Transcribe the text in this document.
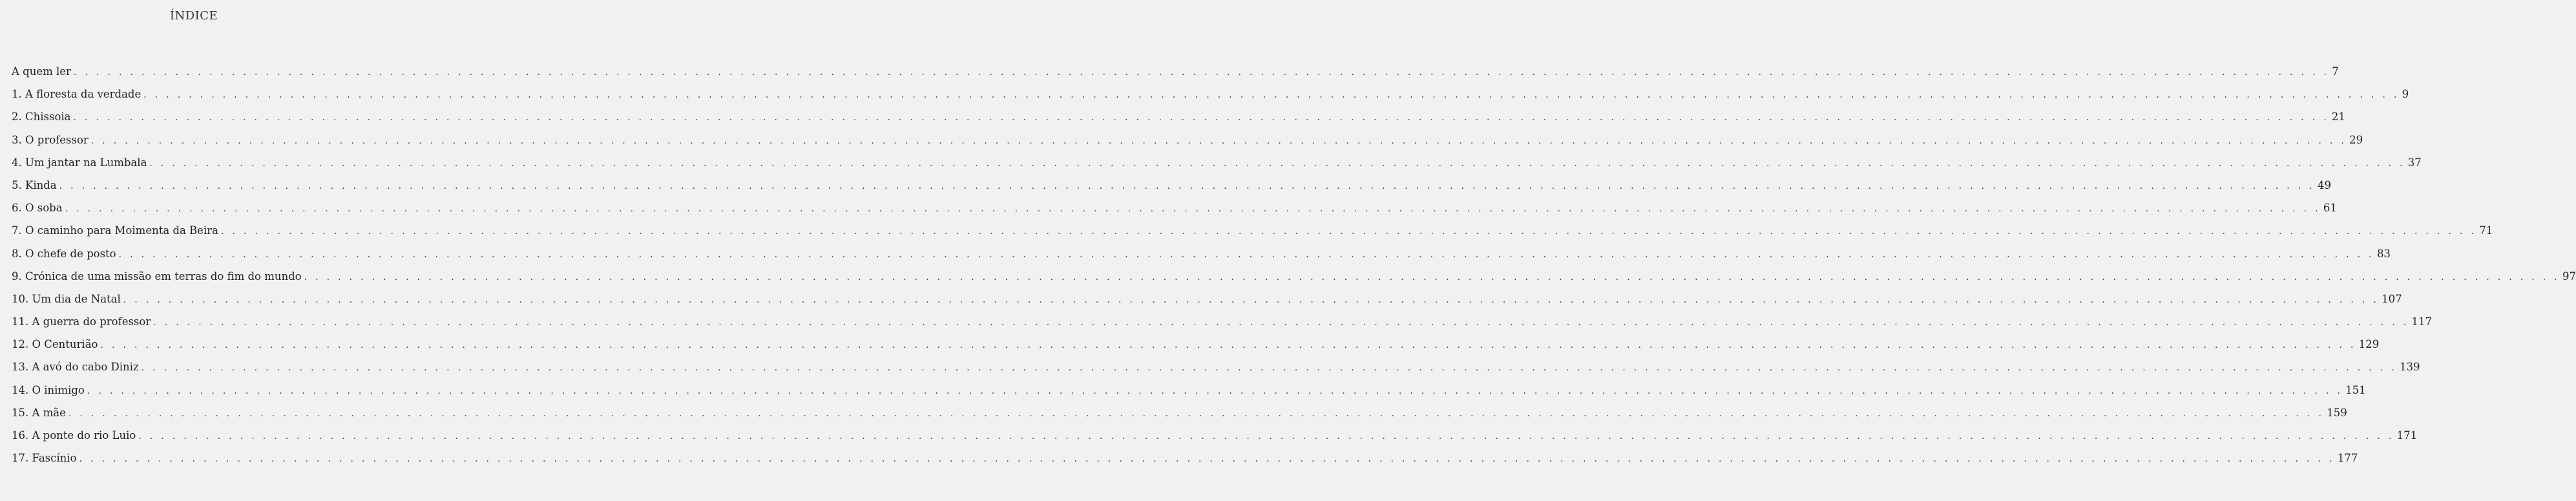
ÍNDICE
A quem ler . . . . . . . . . . . . . . . . . . . . . . . . . . . . . . . . . . . . . . . . . . . . . . . . . . . . . . . . . . . . . . . . . . . . . . . . . . . . . . . . . . . . . . . . . . . . . . . . . . . . . . . . . . . . . . . . . . . . . . . . . . . . . . . . . . . . . . . . . . . . . . . . . . . . . . . . . . . . . . . . . . . . . . . . . . . . . . . . . . . . . . . . . . . . . . . . . . . . . . . . 7
1. A floresta da verdade . . . . . . . . . . . . . . . . . . . . . . . . . . . . . . . . . . . . . . . . . . . . . . . . . . . . . . . . . . . . . . . . . . . . . . . . . . . . . . . . . . . . . . . . . . . . . . . . . . . . . . . . . . . . . . . . . . . . . . . . . . . . . . . . . . . . . . . . . . . . . . . . . . . . . . . . . . . . . . . . . . . . . . . . . . . . . . . . . . . . . . . . . . . . . . . . . . . . . . . . 9
2. Chissoia . . . . . . . . . . . . . . . . . . . . . . . . . . . . . . . . . . . . . . . . . . . . . . . . . . . . . . . . . . . . . . . . . . . . . . . . . . . . . . . . . . . . . . . . . . . . . . . . . . . . . . . . . . . . . . . . . . . . . . . . . . . . . . . . . . . . . . . . . . . . . . . . . . . . . . . . . . . . . . . . . . . . . . . . . . . . . . . . . . . . . . . . . . . . . . . . . . . . . . . . 21
3. O professor . . . . . . . . . . . . . . . . . . . . . . . . . . . . . . . . . . . . . . . . . . . . . . . . . . . . . . . . . . . . . . . . . . . . . . . . . . . . . . . . . . . . . . . . . . . . . . . . . . . . . . . . . . . . . . . . . . . . . . . . . . . . . . . . . . . . . . . . . . . . . . . . . . . . . . . . . . . . . . . . . . . . . . . . . . . . . . . . . . . . . . . . . . . . . . . . . . . . . . . . 29
4. Um jantar na Lumbala . . . . . . . . . . . . . . . . . . . . . . . . . . . . . . . . . . . . . . . . . . . . . . . . . . . . . . . . . . . . . . . . . . . . . . . . . . . . . . . . . . . . . . . . . . . . . . . . . . . . . . . . . . . . . . . . . . . . . . . . . . . . . . . . . . . . . . . . . . . . . . . . . . . . . . . . . . . . . . . . . . . . . . . . . . . . . . . . . . . . . . . . . . . . . . . . . . . . . . . . 37
5. Kinda . . . . . . . . . . . . . . . . . . . . . . . . . . . . . . . . . . . . . . . . . . . . . . . . . . . . . . . . . . . . . . . . . . . . . . . . . . . . . . . . . . . . . . . . . . . . . . . . . . . . . . . . . . . . . . . . . . . . . . . . . . . . . . . . . . . . . . . . . . . . . . . . . . . . . . . . . . . . . . . . . . . . . . . . . . . . . . . . . . . . . . . . . . . . . . . . . . . . . . . . 49
6. O soba . . . . . . . . . . . . . . . . . . . . . . . . . . . . . . . . . . . . . . . . . . . . . . . . . . . . . . . . . . . . . . . . . . . . . . . . . . . . . . . . . . . . . . . . . . . . . . . . . . . . . . . . . . . . . . . . . . . . . . . . . . . . . . . . . . . . . . . . . . . . . . . . . . . . . . . . . . . . . . . . . . . . . . . . . . . . . . . . . . . . . . . . . . . . . . . . . . . . . . . . 61
7. O caminho para Moimenta da Beira . . . . . . . . . . . . . . . . . . . . . . . . . . . . . . . . . . . . . . . . . . . . . . . . . . . . . . . . . . . . . . . . . . . . . . . . . . . . . . . . . . . . . . . . . . . . . . . . . . . . . . . . . . . . . . . . . . . . . . . . . . . . . . . . . . . . . . . . . . . . . . . . . . . . . . . . . . . . . . . . . . . . . . . . . . . . . . . . . . . . . . . . . . . . . . . . . . . . . . . . 71
8. O chefe de posto . . . . . . . . . . . . . . . . . . . . . . . . . . . . . . . . . . . . . . . . . . . . . . . . . . . . . . . . . . . . . . . . . . . . . . . . . . . . . . . . . . . . . . . . . . . . . . . . . . . . . . . . . . . . . . . . . . . . . . . . . . . . . . . . . . . . . . . . . . . . . . . . . . . . . . . . . . . . . . . . . . . . . . . . . . . . . . . . . . . . . . . . . . . . . . . . . . . . . . . . 83
9. Crónica de uma missão em terras do fim do mundo . . . . . . . . . . . . . . . . . . . . . . . . . . . . . . . . . . . . . . . . . . . . . . . . . . . . . . . . . . . . . . . . . . . . . . . . . . . . . . . . . . . . . . . . . . . . . . . . . . . . . . . . . . . . . . . . . . . . . . . . . . . . . . . . . . . . . . . . . . . . . . . . . . . . . . . . . . . . . . . . . . . . . . . . . . . . . . . . . . . . . . . . . . . . . . . . . . . . . . . . 97
10. Um dia de Natal . . . . . . . . . . . . . . . . . . . . . . . . . . . . . . . . . . . . . . . . . . . . . . . . . . . . . . . . . . . . . . . . . . . . . . . . . . . . . . . . . . . . . . . . . . . . . . . . . . . . . . . . . . . . . . . . . . . . . . . . . . . . . . . . . . . . . . . . . . . . . . . . . . . . . . . . . . . . . . . . . . . . . . . . . . . . . . . . . . . . . . . . . . . . . . . . . . . . . . . . 107
11. A guerra do professor . . . . . . . . . . . . . . . . . . . . . . . . . . . . . . . . . . . . . . . . . . . . . . . . . . . . . . . . . . . . . . . . . . . . . . . . . . . . . . . . . . . . . . . . . . . . . . . . . . . . . . . . . . . . . . . . . . . . . . . . . . . . . . . . . . . . . . . . . . . . . . . . . . . . . . . . . . . . . . . . . . . . . . . . . . . . . . . . . . . . . . . . . . . . . . . . . . . . . . . . 117
12. O Centurião . . . . . . . . . . . . . . . . . . . . . . . . . . . . . . . . . . . . . . . . . . . . . . . . . . . . . . . . . . . . . . . . . . . . . . . . . . . . . . . . . . . . . . . . . . . . . . . . . . . . . . . . . . . . . . . . . . . . . . . . . . . . . . . . . . . . . . . . . . . . . . . . . . . . . . . . . . . . . . . . . . . . . . . . . . . . . . . . . . . . . . . . . . . . . . . . . . . . . . . . 129
13. A avó do cabo Diniz . . . . . . . . . . . . . . . . . . . . . . . . . . . . . . . . . . . . . . . . . . . . . . . . . . . . . . . . . . . . . . . . . . . . . . . . . . . . . . . . . . . . . . . . . . . . . . . . . . . . . . . . . . . . . . . . . . . . . . . . . . . . . . . . . . . . . . . . . . . . . . . . . . . . . . . . . . . . . . . . . . . . . . . . . . . . . . . . . . . . . . . . . . . . . . . . . . . . . . . . 139
14. O inimigo . . . . . . . . . . . . . . . . . . . . . . . . . . . . . . . . . . . . . . . . . . . . . . . . . . . . . . . . . . . . . . . . . . . . . . . . . . . . . . . . . . . . . . . . . . . . . . . . . . . . . . . . . . . . . . . . . . . . . . . . . . . . . . . . . . . . . . . . . . . . . . . . . . . . . . . . . . . . . . . . . . . . . . . . . . . . . . . . . . . . . . . . . . . . . . . . . . . . . . . . 151
15. A mãe . . . . . . . . . . . . . . . . . . . . . . . . . . . . . . . . . . . . . . . . . . . . . . . . . . . . . . . . . . . . . . . . . . . . . . . . . . . . . . . . . . . . . . . . . . . . . . . . . . . . . . . . . . . . . . . . . . . . . . . . . . . . . . . . . . . . . . . . . . . . . . . . . . . . . . . . . . . . . . . . . . . . . . . . . . . . . . . . . . . . . . . . . . . . . . . . . . . . . . . . 159
16. A ponte do rio Luio . . . . . . . . . . . . . . . . . . . . . . . . . . . . . . . . . . . . . . . . . . . . . . . . . . . . . . . . . . . . . . . . . . . . . . . . . . . . . . . . . . . . . . . . . . . . . . . . . . . . . . . . . . . . . . . . . . . . . . . . . . . . . . . . . . . . . . . . . . . . . . . . . . . . . . . . . . . . . . . . . . . . . . . . . . . . . . . . . . . . . . . . . . . . . . . . . . . . . . . . 171
17. Fascínio . . . . . . . . . . . . . . . . . . . . . . . . . . . . . . . . . . . . . . . . . . . . . . . . . . . . . . . . . . . . . . . . . . . . . . . . . . . . . . . . . . . . . . . . . . . . . . . . . . . . . . . . . . . . . . . . . . . . . . . . . . . . . . . . . . . . . . . . . . . . . . . . . . . . . . . . . . . . . . . . . . . . . . . . . . . . . . . . . . . . . . . . . . . . . . . . . . . . . . . . 177
